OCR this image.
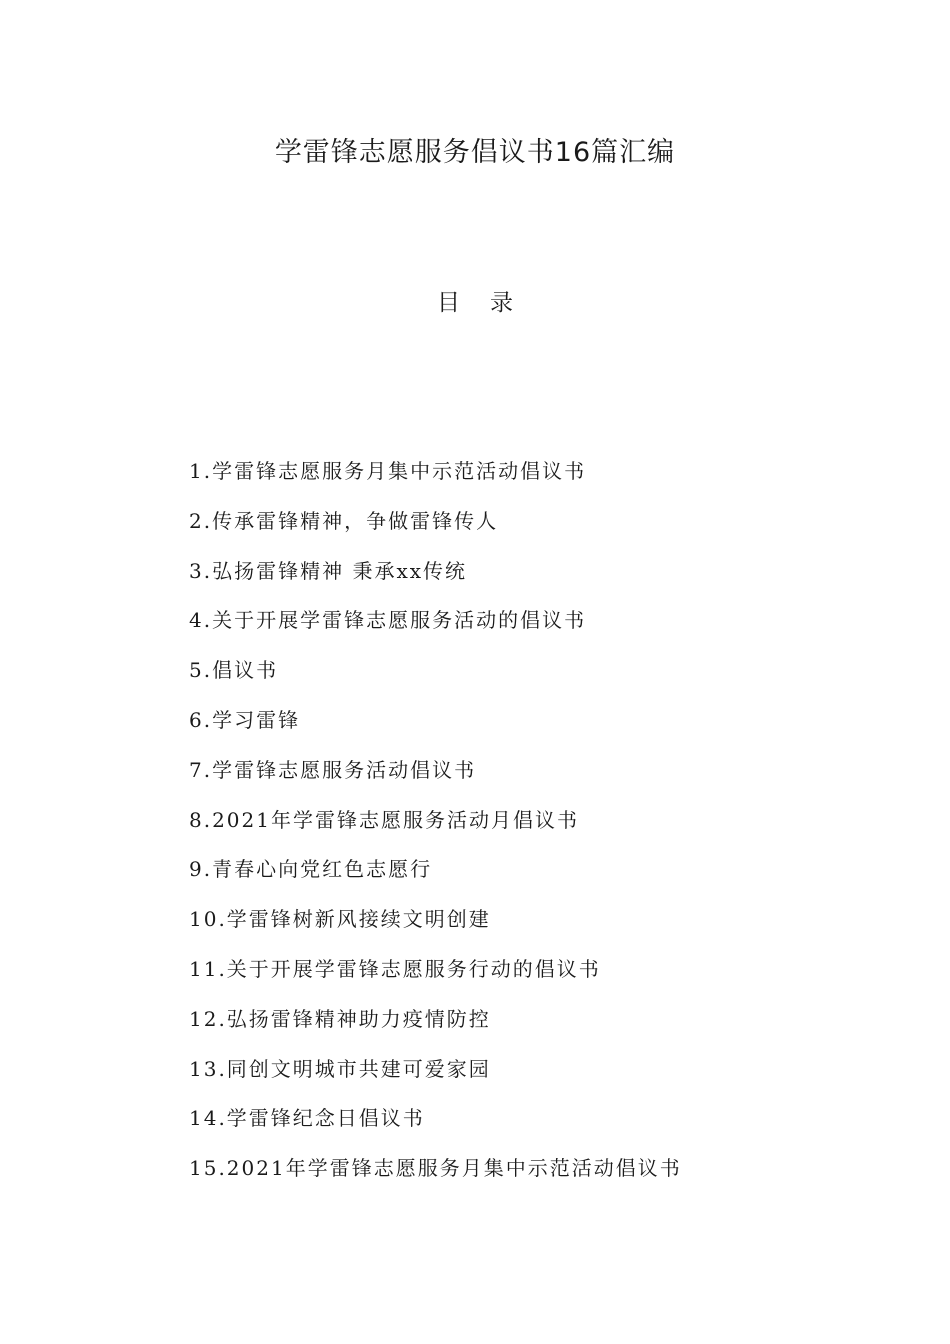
学雷锋志愿服务倡议书16篇汇编
目 录
1.学雷锋志愿服务月集中示范活动倡议书
2.传承雷锋精神，争做雷锋传人
3.弘扬雷锋精神 秉承xx传统
4.关于开展学雷锋志愿服务活动的倡议书
5.倡议书
6.学习雷锋
7.学雷锋志愿服务活动倡议书
8.2021年学雷锋志愿服务活动月倡议书
9.青春心向党红色志愿行
10.学雷锋树新风接续文明创建
11.关于开展学雷锋志愿服务行动的倡议书
12.弘扬雷锋精神助力疫情防控
13.同创文明城市共建可爱家园
14.学雷锋纪念日倡议书
15.2021年学雷锋志愿服务月集中示范活动倡议书
